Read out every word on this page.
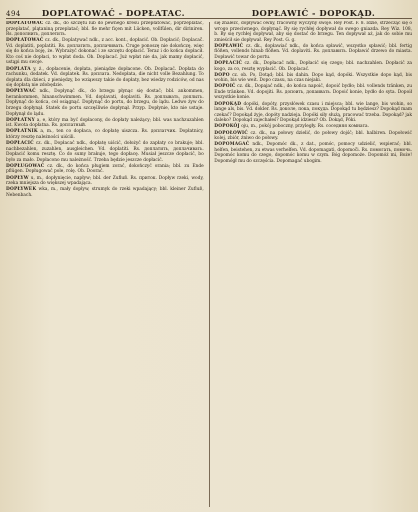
494	DOPLATOWAĆ - DOPŁATAC.	DOPŁAWIĆ - DOPOKĄD.

DOPŁATOWAĆ cz. dk., do szczętu lub do pewnego kresu przepłatować, poprzeplatać, przeplatać, plątaniną przeplatać; bbl. fie mehr fiçen mit Lücken, vollfülen, dir diriniren. Rs. дополнить, доплетить.

DOPŁATOWAĆ cz. dk., Doplatywać ndk., z acc. kont., dopłacić. Ob. Dopłacić; Doplacač. Vd. doplatiti, poplatiti. Rs. доплатить, доплачивать. Cruge ponoszę nie dokończę, więc się do końca boję, że. Wybrażyć dokonać i ze szczętu dopłacić. Teraz i do końca dopłacił. Kto coś nie dopłaci, to wpłat doda. Ob. Doplacać. Już wpłat nie da, jak mamy dopłacić, ustąpi mu swoje.

DOPLATA y, ż., dopłacenie, dopłata, pieniądze dopłacone. Ob. Doplacać. Dopłata do rachunku, dodatek. Vd. doplatek. Rs. доплата. Nedopłata, die nicht volle Bezahlung. To dopłata dla dzieci, z pieniędzy, bo wziąwszy takie do dopłaty, bez wiedzy rodziców, od nas się dopłatą nie zdobędzie.

DOPŁYWAĆ ndk., Dopłynąć dk., do brzegu płynąc się dostać; bbl. ankommen, herankommen, hinanschwimmen. Vd. doplavati, doplaviti. Rs. доплывать, доплыть. Dopłynąć do końca, cel osiągnąć. Dopłynąć do portu, do brzegu, do lądu. Ledwo żyw do brzegu dopłynął. Statek do portu szczęśliwie dopłynął. Przyp. Dopłynie, kto nie ustaje. Dopłynął do lądu.

DOPŁATNY a, e, który ma być dopłacony, do dopłaty należący; bbl. was nachzuzahlen ist. Kwota dopłatna. Rs. доплатный.

DOPŁATNIK a, m., ten co dopłaca, co dopłatę uiszcza. Rs. доплатчик. Dopłatnicy, którzy resztę należności uiścili.

DOPŁACIĆ cz. dk., Dopłacać ndk., dopłatę uiścić, dołożyć do zapłaty co brakuje; bbl. nachbezahlen, zuzahlen, ausgleichen. Vd. doplatiti. Rs. доплатить, доплачивать. Dopłacić komu resztę. Co do sumy brakuje, tego dopłacę. Musiał jeszcze dopłacić, bo było za mało. Dopłacono mu należność. Trzeba będzie jeszcze dopłacić.

DOPŁUGOWAĆ cz. dk., do końca pługiem zorać, dokończyć orania; bbl. zu Ende pflügen. Dopługować pole, rolę. Ob. Doorać.

DOPŁYW u, m., dopłynięcie, napływ; bbl. der Zufluß. Rs. приток. Dopływ rzeki, wody, rzeka mniejsza do większej wpadająca.

DOPŁYWEK wka, m., mały dopływ, strumyk do rzeki wpadający; bbl. kleiner Zufluß, Nebenbach.

się znaleźć, dopływać owny, fracowny wyczyny swoje. Rey Post. F. 8. Idzie, strzecząc się o wrogo przeciwnego, dopłynąć. By się rychłej dopływał do swego gniazda. Rey Wiz. 108, b. By się rychłej dopływał, aby się dostać do brzegu. Ten dopływał aż, jak do sobie mu zmieścił sie dopływał. Rey Post. G. g.

DOPŁAWIĆ cz. dk., dopławiać ndk., do końca spławić, wszystko spławić; bbl. fertig flößen, vollends hinab flößen. Vd. doplaviti. Rs. доплавить. Dopławić drzewo do miasta. Dopławić towar do portu.

DOPŁACIĆ cz. dk., Dopłacać ndk., Dopłacić się czego; bbl. nachzahlen. Dopłacić za kogo, za co, resztę wypłacić. Ob. Doplacać.

DOPO cz. ob. Po, Dotąd; bbl. bis dahin. Dopo kąd, dopóki. Wszystkie dopo kąd, bis wohin, bis wie weit. Dopo czasu, na czas niejaki.

DOPOIĆ cz. dk., Dopajać ndk., do końca napoić, dopoić bydło; bbl. vollends tränken, zu Ende tränken. Vd. dopojiti. Rs. допоить, допаивать. Dopoić konie, bydło do syta. Dopoił wszystkie konie.

DOPOKĄD dopóki, dopóty, przysłówek czasu i miejsca; bbl. wie lange, bis wohin, so lange als, bis. Vd. dokler. Rs. доколе, пока, покуда. Dopokąd tu będziesz? Dopokąd mam czekać? Dopokąd żyje, dopóty nadzieja. Dopóki siły służą, pracować trzeba. Dopokąd? jak daleko? Dopokąd zajechałeś? Dopokąd idziesz? Ob. Dokąd, Póki.

DOPOKÓJ oju, m., pokój poboczny, przyległy. Rs. соседняя комната.

DOPOŁOWIĆ cz. dk., na połowy dzielić, do połowy dojść; bbl. halbiren. Dopołowić kolej, zbiór, żniwo do połowy.

DOPOMAGAĆ ndk., Dopomóc dk., z dat., pomóc, pomocy udzielić, wspierać; bbl. helfen, beistehen, zu etwas verhelfen. Vd. dopomagati, dopomoči. Rs. помогать, помочь. Dopomóc komu do czego, dopomóc komu w czym. Bóg dopomoże. Dopomóż mi, Boże! Dopomógł mu do szczęścia. Dopomagać ubogim.
